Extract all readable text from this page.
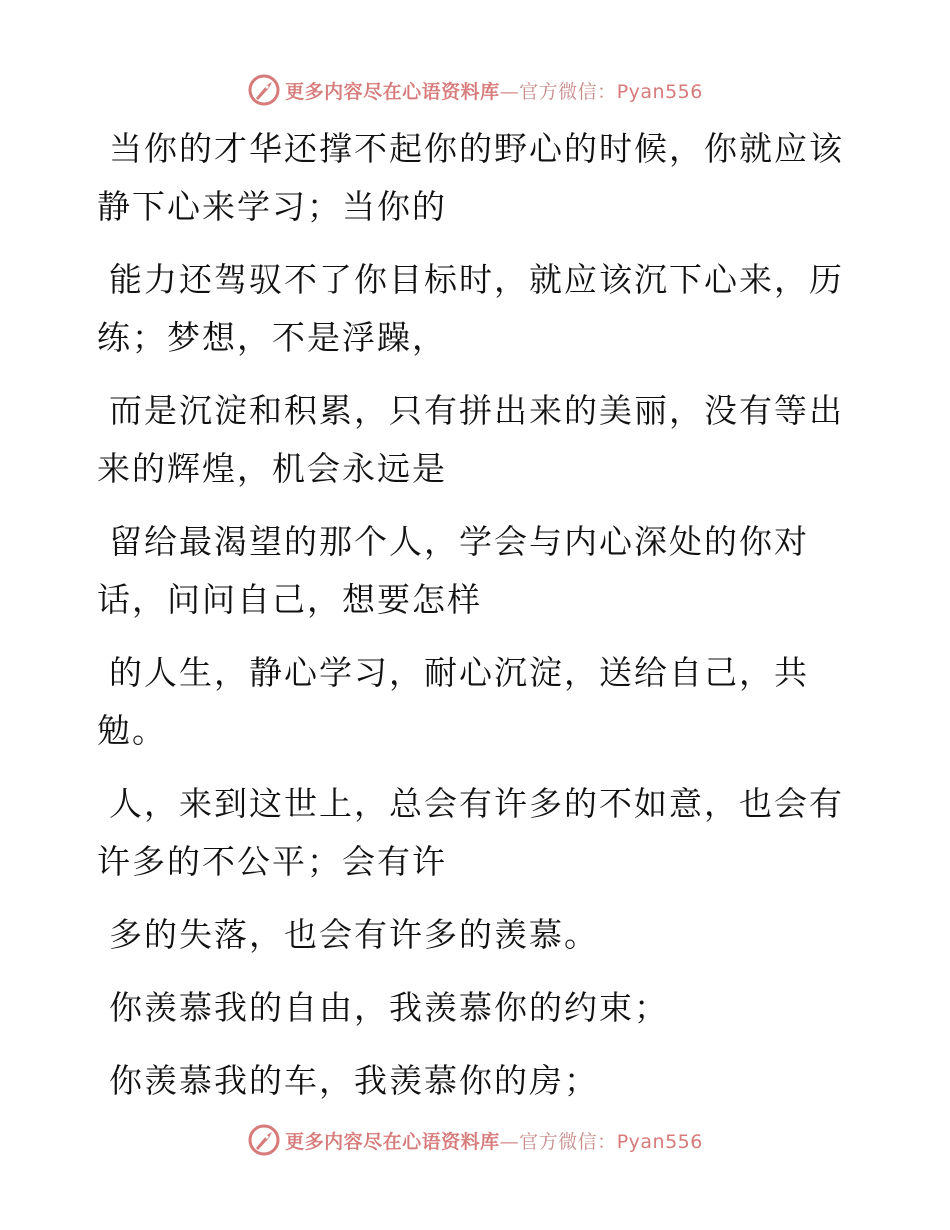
更多内容尽在心语资料库—官方微信：Pyan556

当你的才华还撑不起你的野心的时候，你就应该
静下心来学习；当你的

能力还驾驭不了你目标时，就应该沉下心来，历
练；梦想，不是浮躁，

而是沉淀和积累，只有拼出来的美丽，没有等出
来的辉煌，机会永远是

留给最渴望的那个人，学会与内心深处的你对
话，问问自己，想要怎样

的人生，静心学习，耐心沉淀，送给自己，共
勉。

人，来到这世上，总会有许多的不如意，也会有
许多的不公平；会有许

多的失落，也会有许多的羡慕。

你羡慕我的自由，我羡慕你的约束；

你羡慕我的车，我羡慕你的房；

更多内容尽在心语资料库—官方微信：Pyan556
